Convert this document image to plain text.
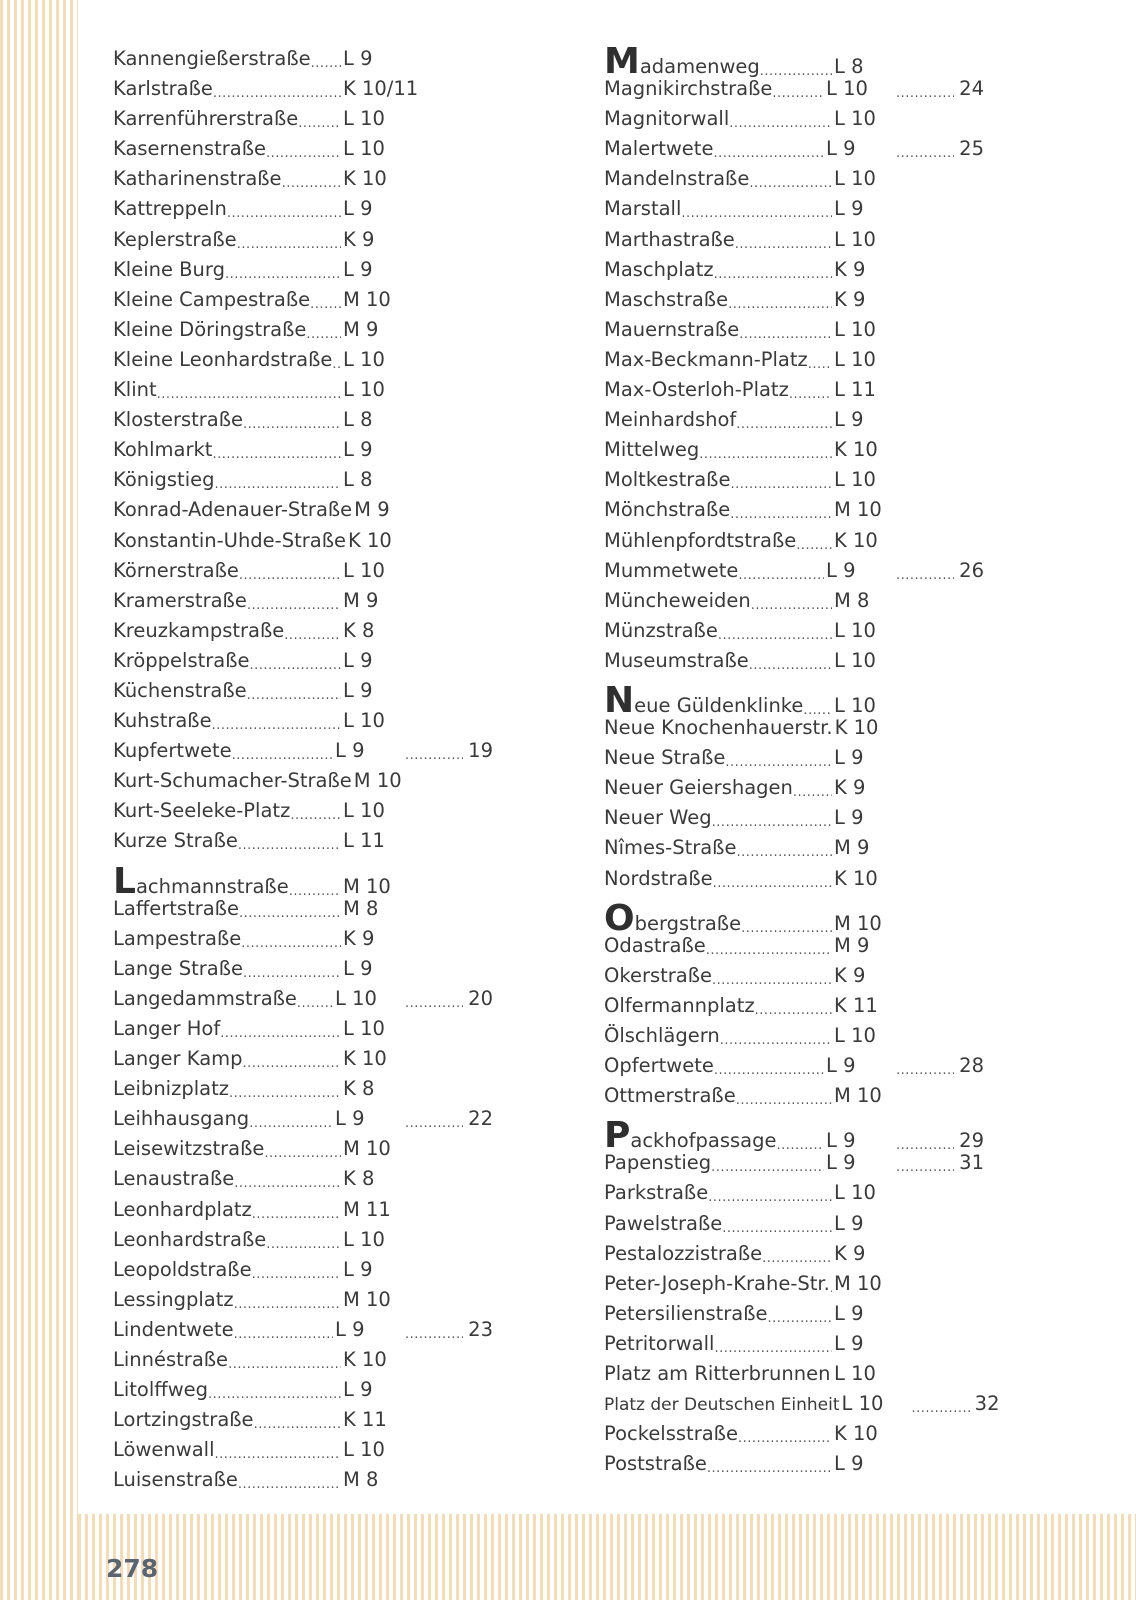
Kannengießerstraße ..... L 9
Karlstraße .....	K 10/11
Karrenführerstraße ..... L 10
Kasernenstraße .....	L 10
Katharinenstraße .....	K 10
Kattreppeln .....	L 9
Keplerstraße .....	K 9
Kleine Burg .....	L 9
Kleine Campestraße ..... M 10
Kleine Döringstraße ..... M 9
Kleine Leonhardstraße ..... L 10
Klint .....	L 10
Klosterstraße .....	L 8
Kohlmarkt .....	L 9
Königstieg .....	L 8
Konrad-Adenauer-Straße M 9
Konstantin-Uhde-Straße K 10
Körnerstraße .....	L 10
Kramerstraße .....	M 9
Kreuzkampstraße .....	K 8
Kröppelstraße .....	L 9
Küchenstraße .....	L 9
Kuhstraße .....	L 10
Kupfertwete .....	L 9 .....	19
Kurt-Schumacher-Straße M 10
Kurt-Seeleke-Platz .....	L 10
Kurze Straße .....	L 11
Lachmannstraße .....	M 10
Laffertstraße .....	M 8
Lampestraße .....	K 9
Lange Straße .....	L 9
Langedammstraße ..... L 10 .....	20
Langer Hof .....	L 10
Langer Kamp .....	K 10
Leibnizplatz .....	K 8
Leihhausgang .....	L 9 .....	22
Leisewitzstraße .....	M 10
Lenaustraße .....	K 8
Leonhardplatz .....	M 11
Leonhardstraße .....	L 10
Leopoldstraße .....	L 9
Lessingplatz .....	M 10
Lindentwete .....	L 9 .....	23
Linnéstraße .....	K 10
Litolffweg .....	L 9
Lortzingstraße .....	K 11
Löwenwall .....	L 10
Luisenstraße .....	M 8
Madamenweg .....	L 8
Magnikirchstraße .....	L 10 .....	24
Magnitorwall .....	L 10
Malertwete .....	L 9 .....	25
Mandelnstraße .....	L 10
Marstall .....	L 9
Marthastraße .....	L 10
Maschplatz .....	K 9
Maschstraße .....	K 9
Mauernstraße .....	L 10
Max-Beckmann-Platz ..... L 10
Max-Osterloh-Platz ..... L 11
Meinhardshof .....	L 9
Mittelweg .....	K 10
Moltkestraße .....	L 10
Mönchstraße .....	M 10
Mühlenpfordtstraße ..... K 10
Mummetwete .....	L 9 .....	26
Müncheweiden .....	M 8
Münzstraße .....	L 10
Museumstraße .....	L 10
Neue Güldenklinke ..... L 10
Neue Knochenhauerstr. K 10
Neue Straße .....	L 9
Neuer Geiershagen ..... K 9
Neuer Weg .....	L 9
Nîmes-Straße .....	M 9
Nordstraße .....	K 10
Obergstraße .....	M 10
Odastraße .....	M 9
Okerstraße .....	K 9
Olfermannplatz .....	K 11
Ölschlägern .....	L 10
Opfertwete .....	L 9 .....	28
Ottmerstraße .....	M 10
Packhofpassage .....	L 9 .....	29
Papenstieg .....	L 9 .....	31
Parkstraße .....	L 10
Pawelstraße .....	L 9
Pestalozzistraße .....	K 9
Peter-Joseph-Krahe-Str. ..... M 10
Petersilienstraße .....	L 9
Petritorwall .....	L 9
Platz am Ritterbrunnen ..... L 10
Platz der Deutschen Einheit L 10 .....	32
Pockelsstraße .....	K 10
Poststraße .....	L 9
278
